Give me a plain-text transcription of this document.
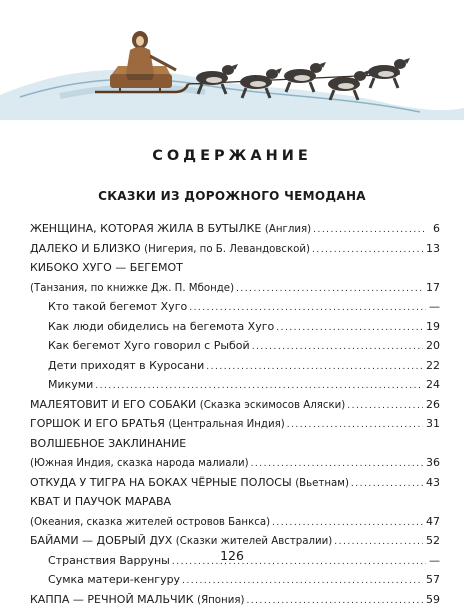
СОДЕРЖАНИЕ
СКАЗКИ ИЗ ДОРОЖНОГО ЧЕМОДАНА
ЖЕНЩИНА, КОТОРАЯ ЖИЛА В БУТЫЛКЕ (Англия) .....	6
ДАЛЕКО И БЛИЗКО (Нигерия, по Б. Левандовской) .....	13
КИБОКО ХУГО — БЕГЕМОТ
(Танзания, по книжке Дж. П. Мбонде) .....	17
Кто такой бегемот Хуго .....	—
Как люди обиделись на бегемота Хуго .....	19
Как бегемот Хуго говорил с Рыбой .....	20
Дети приходят в Куросани .....	22
Микуми .....	24
МАЛЕЯТОВИТ И ЕГО СОБАКИ (Сказка эскимосов Аляски) .....	26
ГОРШОК И ЕГО БРАТЬЯ (Центральная Индия) .....	31
ВОЛШЕБНОЕ ЗАКЛИНАНИЕ
(Южная Индия, сказка народа малиали) .....	36
ОТКУДА У ТИГРА НА БОКАХ ЧЁРНЫЕ ПОЛОСЫ (Вьетнам) .....	43
КВАТ И ПАУЧОК МАРАВА
(Океания, сказка жителей островов Банкса) .....	47
БАЙАМИ — ДОБРЫЙ ДУХ (Сказки жителей Австралии) .....	52
Странствия Варруны .....	—
Сумка матери-кенгуру .....	57
КАППА — РЕЧНОЙ МАЛЬЧИК (Япония) .....	59
126
